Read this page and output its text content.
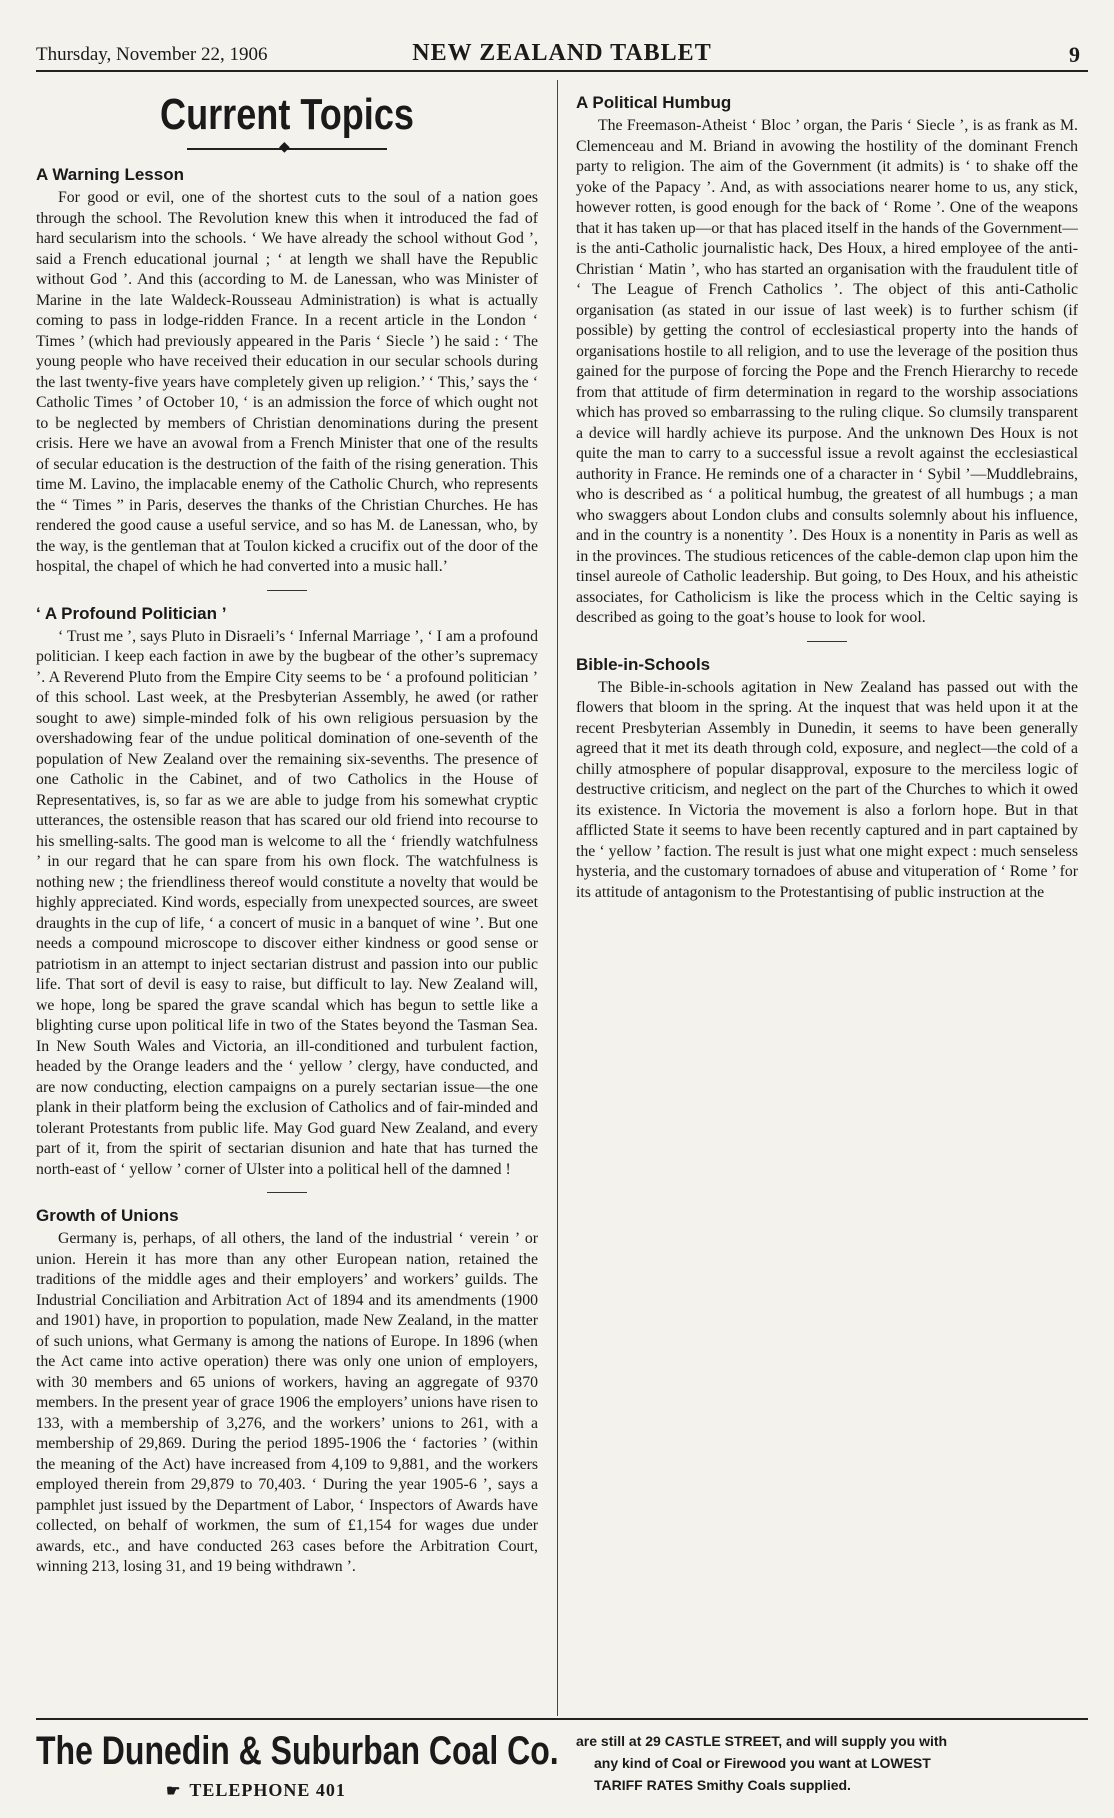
Thursday, November 22, 1906	NEW ZEALAND TABLET	9
Current Topics
◆
A Warning Lesson

For good or evil, one of the shortest cuts to the soul of a nation goes through the school. The Revolution knew this when it introduced the fad of hard secularism into the schools. ‘ We have already the school without God ’, said a French educational journal ; ‘ at length we shall have the Republic without God ’. And this (according to M. de Lanessan, who was Minister of Marine in the late Waldeck-Rousseau Administration) is what is actually coming to pass in lodge-ridden France. In a recent article in the London ‘ Times ’ (which had previously appeared in the Paris ‘ Siecle ’) he said : ‘ The young people who have received their education in our secular schools during the last twenty-five years have completely given up religion.’ ‘ This,’ says the ‘ Catholic Times ’ of October 10, ‘ is an admission the force of which ought not to be neglected by members of Christian denominations during the present crisis. Here we have an avowal from a French Minister that one of the results of secular education is the destruction of the faith of the rising generation. This time M. Lavino, the implacable enemy of the Catholic Church, who represents the “ Times ” in Paris, deserves the thanks of the Christian Churches. He has rendered the good cause a useful service, and so has M. de Lanessan, who, by the way, is the gentleman that at Toulon kicked a crucifix out of the door of the hospital, the chapel of which he had converted into a music hall.’

‘ A Profound Politician ’

‘ Trust me ’, says Pluto in Disraeli’s ‘ Infernal Marriage ’, ‘ I am a profound politician. I keep each faction in awe by the bugbear of the other’s supremacy ’. A Reverend Pluto from the Empire City seems to be ‘ a profound politician ’ of this school. Last week, at the Presbyterian Assembly, he awed (or rather sought to awe) simple-minded folk of his own religious persuasion by the overshadowing fear of the undue political domination of one-seventh of the population of New Zealand over the remaining six-sevenths. The presence of one Catholic in the Cabinet, and of two Catholics in the House of Representatives, is, so far as we are able to judge from his somewhat cryptic utterances, the ostensible reason that has scared our old friend into recourse to his smelling-salts. The good man is welcome to all the ‘ friendly watchfulness ’ in our regard that he can spare from his own flock. The watchfulness is nothing new ; the friendliness thereof would constitute a novelty that would be highly appreciated. Kind words, especially from unexpected sources, are sweet draughts in the cup of life, ‘ a concert of music in a banquet of wine ’. But one needs a compound microscope to discover either kindness or good sense or patriotism in an attempt to inject sectarian distrust and passion into our public life. That sort of devil is easy to raise, but difficult to lay. New Zealand will, we hope, long be spared the grave scandal which has begun to settle like a blighting curse upon political life in two of the States beyond the Tasman Sea. In New South Wales and Victoria, an ill-conditioned and turbulent faction, headed by the Orange leaders and the ‘ yellow ’ clergy, have conducted, and are now conducting, election campaigns on a purely sectarian issue—the one plank in their platform being the exclusion of Catholics and of fair-minded and tolerant Protestants from public life. May God guard New Zealand, and every part of it, from the spirit of sectarian disunion and hate that has turned the north-east of ‘ yellow ’ corner of Ulster into a political hell of the damned !

Growth of Unions

Germany is, perhaps, of all others, the land of the industrial ‘ verein ’ or union. Herein it has more than any other European nation, retained the traditions of the middle ages and their employers’ and workers’ guilds. The Industrial Conciliation and Arbitration Act of 1894 and its amendments (1900 and 1901) have, in proportion to population, made New Zealand, in the matter of such unions, what Germany is among the nations of Europe. In 1896 (when the Act came into active operation) there was only one union of employers, with 30 members and 65 unions of workers, having an aggregate of 9370 members. In the present year of grace 1906 the employers’ unions have risen to 133, with a membership of 3,276, and the workers’ unions to 261, with a membership of 29,869. During the period 1895-1906 the ‘ factories ’ (within the meaning of the Act) have increased from 4,109 to 9,881, and the workers employed therein from 29,879 to 70,403. ‘ During the year 1905-6 ’, says a pamphlet just issued by the Department of Labor, ‘ Inspectors of Awards have collected, on behalf of workmen, the sum of £1,154 for wages due under awards, etc., and have conducted 263 cases before the Arbitration Court, winning 213, losing 31, and 19 being withdrawn ’.

A Political Humbug

The Freemason-Atheist ‘ Bloc ’ organ, the Paris ‘ Siecle ’, is as frank as M. Clemenceau and M. Briand in avowing the hostility of the dominant French party to religion. The aim of the Government (it admits) is ‘ to shake off the yoke of the Papacy ’. And, as with associations nearer home to us, any stick, however rotten, is good enough for the back of ‘ Rome ’. One of the weapons that it has taken up—or that has placed itself in the hands of the Government—is the anti-Catholic journalistic hack, Des Houx, a hired employee of the anti-Christian ‘ Matin ’, who has started an organisation with the fraudulent title of ‘ The League of French Catholics ’. The object of this anti-Catholic organisation (as stated in our issue of last week) is to further schism (if possible) by getting the control of ecclesiastical property into the hands of organisations hostile to all religion, and to use the leverage of the position thus gained for the purpose of forcing the Pope and the French Hierarchy to recede from that attitude of firm determination in regard to the worship associations which has proved so embarrassing to the ruling clique. So clumsily transparent a device will hardly achieve its purpose. And the unknown Des Houx is not quite the man to carry to a successful issue a revolt against the ecclesiastical authority in France. He reminds one of a character in ‘ Sybil ’—Muddlebrains, who is described as ‘ a political humbug, the greatest of all humbugs ; a man who swaggers about London clubs and consults solemnly about his influence, and in the country is a nonentity ’. Des Houx is a nonentity in Paris as well as in the provinces. The studious reticences of the cable-demon clap upon him the tinsel aureole of Catholic leadership. But going, to Des Houx, and his atheistic associates, for Catholicism is like the process which in the Celtic saying is described as going to the goat’s house to look for wool.

Bible-in-Schools

The Bible-in-schools agitation in New Zealand has passed out with the flowers that bloom in the spring. At the inquest that was held upon it at the recent Presbyterian Assembly in Dunedin, it seems to have been generally agreed that it met its death through cold, exposure, and neglect—the cold of a chilly atmosphere of popular disapproval, exposure to the merciless logic of destructive criticism, and neglect on the part of the Churches to which it owed its existence. In Victoria the movement is also a forlorn hope. But in that afflicted State it seems to have been recently captured and in part captained by the ‘ yellow ’ faction. The result is just what one might expect : much senseless hysteria, and the customary tornadoes of abuse and vituperation of ‘ Rome ’ for its attitude of antagonism to the Protestantising of public instruction at the

The Dunedin & Suburban Coal Co.
☛ TELEPHONE 401
are still at 29 CASTLE STREET, and will supply you with
any kind of Coal or Firewood you want at LOWEST
TARIFF RATES Smithy Coals supplied.
